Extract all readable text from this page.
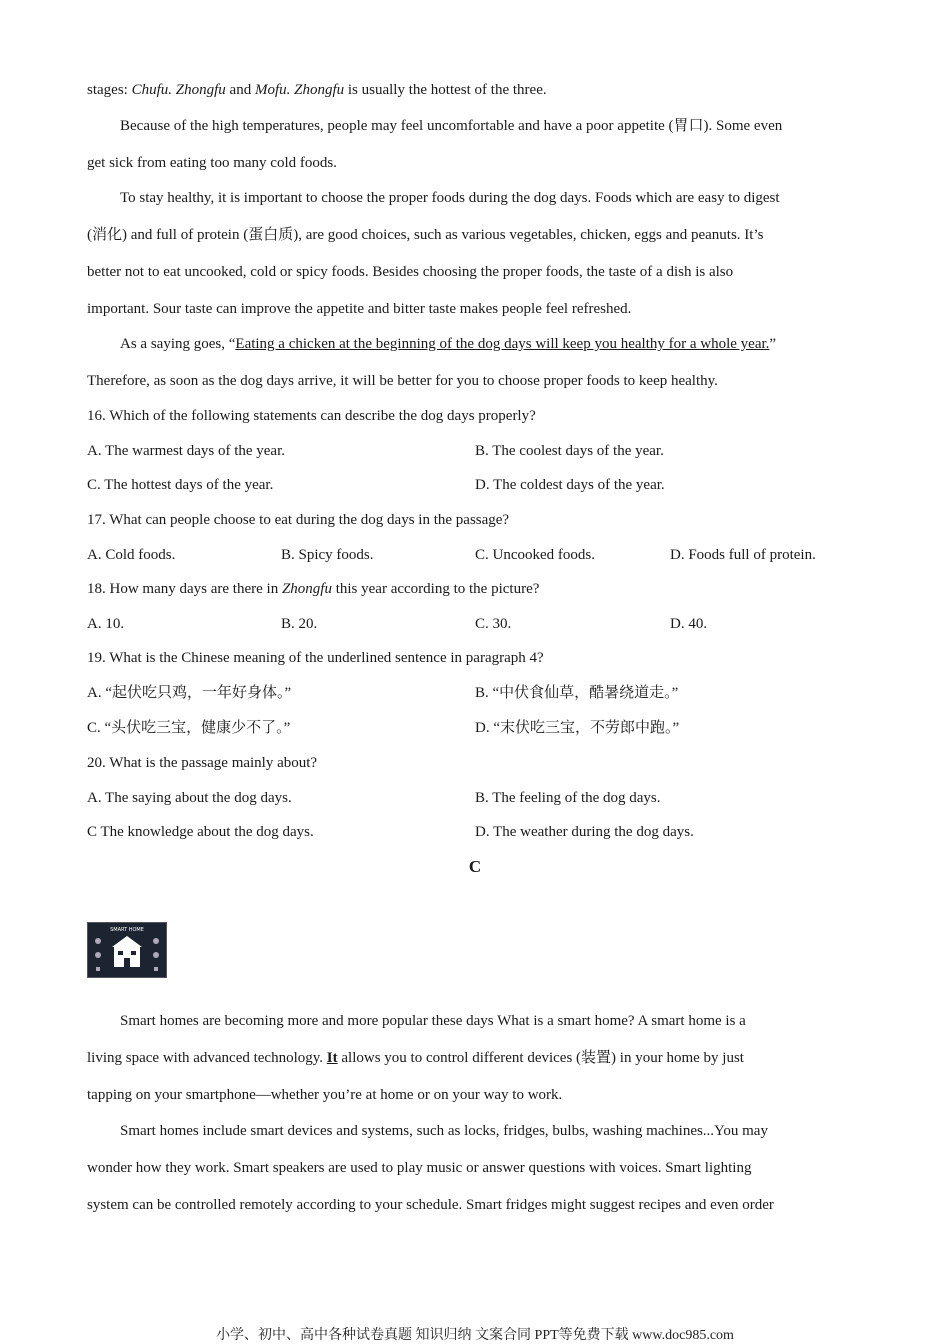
stages: Chufu. Zhongfu and Mofu. Zhongfu is usually the hottest of the three.
Because of the high temperatures, people may feel uncomfortable and have a poor appetite (胃口). Some even
get sick from eating too many cold foods.
To stay healthy, it is important to choose the proper foods during the dog days. Foods which are easy to digest
(消化) and full of protein (蛋白质), are good choices, such as various vegetables, chicken, eggs and peanuts. It’s
better not to eat uncooked, cold or spicy foods. Besides choosing the proper foods, the taste of a dish is also
important. Sour taste can improve the appetite and bitter taste makes people feel refreshed.
As a saying goes, “Eating a chicken at the beginning of the dog days will keep you healthy for a whole year.”
Therefore, as soon as the dog days arrive, it will be better for you to choose proper foods to keep healthy.
16. Which of the following statements can describe the dog days properly?
A. The warmest days of the year.	B. The coolest days of the year.
C. The hottest days of the year.	D. The coldest days of the year.
17. What can people choose to eat during the dog days in the passage?
A. Cold foods.	B. Spicy foods.	C. Uncooked foods.	D. Foods full of protein.
18. How many days are there in Zhongfu this year according to the picture?
A. 10.	B. 20.	C. 30.	D. 40.
19. What is the Chinese meaning of the underlined sentence in paragraph 4?
A. “起伏吃只鸡，一年好身体。”	B. “中伏食仙草，酷暑绕道走。”
C. “头伏吃三宝，健康少不了。”	D. “末伏吃三宝，不劳郎中跑。”
20. What is the passage mainly about?
A. The saying about the dog days.	B. The feeling of the dog days.
C The knowledge about the dog days.	D. The weather during the dog days.
C
SMART HOME
Smart homes are becoming more and more popular these days What is a smart home? A smart home is a
living space with advanced technology. It allows you to control different devices (装置) in your home by just
tapping on your smartphone—whether you’re at home or on your way to work.
Smart homes include smart devices and systems, such as locks, fridges, bulbs, washing machines...You may
wonder how they work. Smart speakers are used to play music or answer questions with voices. Smart lighting
system can be controlled remotely according to your schedule. Smart fridges might suggest recipes and even order
小学、初中、高中各种试卷真题 知识归纳 文案合同 PPT等免费下载 www.doc985.com
